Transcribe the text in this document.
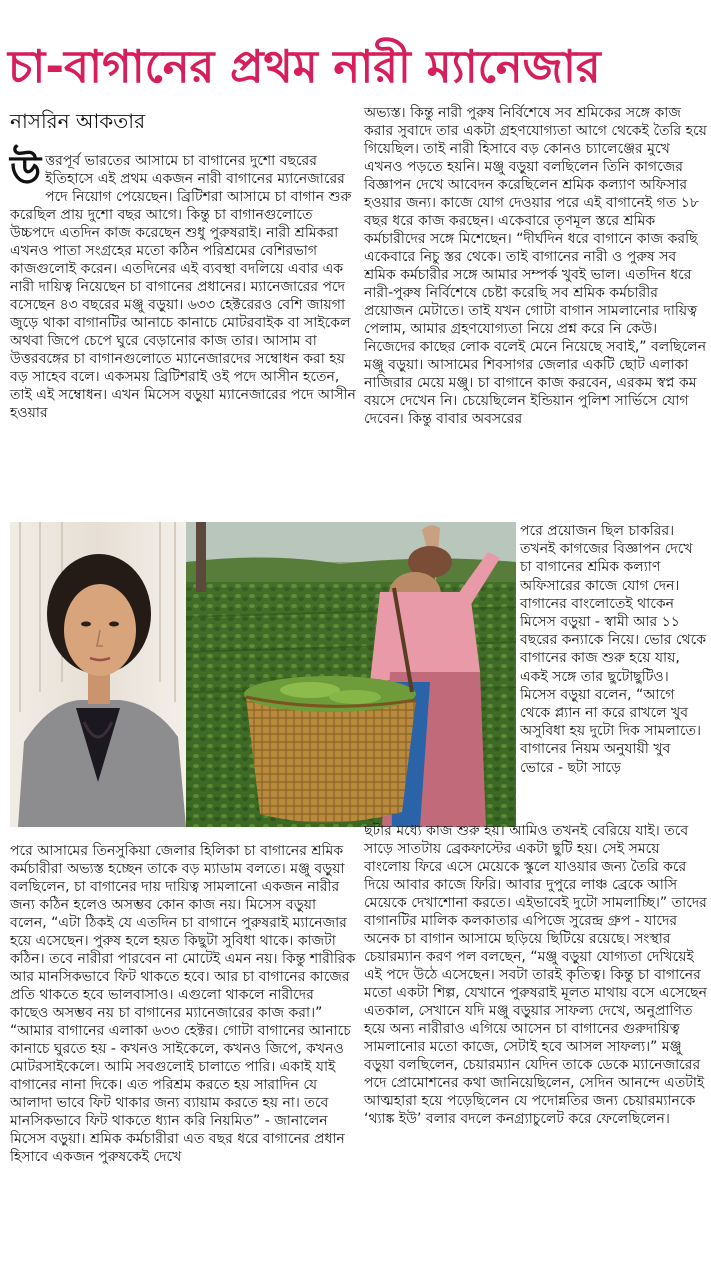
চা-বাগানের প্রথম নারী ম্যানেজার
নাসরিন আকতার
উ ত্তরপূর্ব ভারতের আসামে চা বাগানের দুশো বছরের ইতিহাসে এই প্রথম একজন নারী বাগানের ম্যানেজারের পদে নিয়োগ পেয়েছেন। ব্রিটিশরা আসামে চা বাগান শুরু করেছিল প্রায় দুশো বছর আগে। কিন্তু চা বাগানগুলোতে উচ্চপদে এতদিন কাজ করেছেন শুধু পুরুষরাই। নারী শ্রমিকরা এখনও পাতা সংগ্রহের মতো কঠিন পরিশ্রমের বেশিরভাগ কাজগুলোই করেন। এতদিনের এই ব্যবস্থা বদলিয়ে এবার এক নারী দায়িত্ব নিয়েছেন চা বাগানের প্রধানের। ম্যানেজারের পদে বসেছেন ৪৩ বছরের মঞ্জু বড়ুয়া। ৬৩৩ হেক্টরেরও বেশি জায়গা জুড়ে থাকা বাগানটির আনাচে কানাচে মোটরবাইক বা সাইকেল অথবা জিপে চেপে ঘুরে বেড়ানোর কাজ তার। আসাম বা উত্তরবঙ্গের চা বাগানগুলোতে ম্যানেজারদের সম্বোধন করা হয় বড় সাহেব বলে। একসময় ব্রিটিশরাই ওই পদে আসীন হতেন, তাই এই সম্বোধন। এখন মিসেস বড়ুয়া ম্যানেজারের পদে আসীন হওয়ার

অভ্যস্ত। কিন্তু নারী পুরুষ নির্বিশেষে সব শ্রমিকের সঙ্গে কাজ করার সুবাদে তার একটা গ্রহণযোগ্যতা আগে থেকেই তৈরি হয়ে গিয়েছিল। তাই নারী হিসাবে বড় কোনও চ্যালেঞ্জের মুখে এখনও পড়তে হয়নি। মঞ্জু বড়ুয়া বলছিলেন তিনি কাগজের বিজ্ঞাপন দেখে আবেদন করেছিলেন শ্রমিক কল্যাণ অফিসার হওয়ার জন্য। কাজে যোগ দেওয়ার পরে এই বাগানেই গত ১৮ বছর ধরে কাজ করছেন। একেবারে তৃণমূল স্তরে শ্রমিক কর্মচারীদের সঙ্গে মিশেছেন। “দীর্ঘদিন ধরে বাগানে কাজ করছি একেবারে নিচু স্তর থেকে। তাই বাগানের নারী ও পুরুষ সব শ্রমিক কর্মচারীর সঙ্গে আমার সম্পর্ক খুবই ভাল। এতদিন ধরে নারী-পুরুষ নির্বিশেষে চেষ্টা করেছি সব শ্রমিক কর্মচারীর প্রয়োজন মেটাতে। তাই যখন গোটা বাগান সামলানোর দায়িত্ব পেলাম, আমার গ্রহণযোগ্যতা নিয়ে প্রশ্ন করে নি কেউ। নিজেদের কাছের লোক বলেই মেনে নিয়েছে সবাই,” বলছিলেন মঞ্জু বড়ুয়া। আসামের শিবসাগর জেলার একটি ছোট এলাকা নাজিরার মেয়ে মঞ্জু। চা বাগানে কাজ করবেন, এরকম স্বপ্ন কম বয়সে দেখেন নি। চেয়েছিলেন ইন্ডিয়ান পুলিশ সার্ভিসে যোগ দেবেন। কিন্তু বাবার অবসরের

পরে প্রয়োজন ছিল চাকরির। তখনই কাগজের বিজ্ঞাপন দেখে চা বাগানের শ্রমিক কল্যাণ অফিসারের কাজে যোগ দেন। বাগানের বাংলোতেই থাকেন মিসেস বড়ুয়া - স্বামী আর ১১ বছরের কন্যাকে নিয়ে। ভোর থেকে বাগানের কাজ শুরু হয়ে যায়, একই সঙ্গে তার ছুটোছুটিও। মিসেস বড়ুয়া বলেন, “আগে থেকে প্ল্যান না করে রাখলে খুব অসুবিধা হয় দুটো দিক সামলাতে। বাগানের নিয়ম অনুযায়ী খুব ভোরে - ছটা সাড়ে

পরে আসামের তিনসুকিয়া জেলার হিলিকা চা বাগানের শ্রমিক কর্মচারীরা অভ্যস্ত হচ্ছেন তাকে বড় ম্যাডাম বলতে। মঞ্জু বড়ুয়া বলছিলেন, চা বাগানের দায় দায়িত্ব সামলানো একজন নারীর জন্য কঠিন হলেও অসম্ভব কোন কাজ নয়। মিসেস বড়ুয়া বলেন, “এটা ঠিকই যে এতদিন চা বাগানে পুরুষরাই ম্যানেজার হয়ে এসেছেন। পুরুষ হলে হয়ত কিছুটা সুবিধা থাকে। কাজটা কঠিন। তবে নারীরা পারবেন না মোটেই এমন নয়। কিন্তু শারীরিক আর মানসিকভাবে ফিট থাকতে হবে। আর চা বাগানের কাজের প্রতি থাকতে হবে ভালবাসাও। এগুলো থাকলে নারীদের কাছেও অসম্ভব নয় চা বাগানের ম্যানেজারের কাজ করা।” “আমার বাগানের এলাকা ৬৩৩ হেক্টর। গোটা বাগানের আনাচে কানাচে ঘুরতে হয় - কখনও সাইকেলে, কখনও জিপে, কখনও মোটরসাইকেলে। আমি সবগুলোই চালাতে পারি। একাই যাই বাগানের নানা দিকে। এত পরিশ্রম করতে হয় সারাদিন যে আলাদা ভাবে ফিট থাকার জন্য ব্যায়াম করতে হয় না। তবে মানসিকভাবে ফিট থাকতে ধ্যান করি নিয়মিত” - জানালেন মিসেস বড়ুয়া। শ্রমিক কর্মচারীরা এত বছর ধরে বাগানের প্রধান হিসাবে একজন পুরুষকেই দেখে

ছটার মধ্যে কাজ শুরু হয়। আমিও তখনই বেরিয়ে যাই। তবে সাড়ে সাতটায় ব্রেকফাস্টের একটা ছুটি হয়। সেই সময়ে বাংলোয় ফিরে এসে মেয়েকে স্কুলে যাওয়ার জন্য তৈরি করে দিয়ে আবার কাজে ফিরি। আবার দুপুরে লাঞ্চ ব্রেকে আসি মেয়েকে দেখাশোনা করতে। এইভাবেই দুটো সামলাচ্ছি।” তাদের বাগানটির মালিক কলকাতার এপিজে সুরেন্দ্র গ্রুপ - যাদের অনেক চা বাগান আসামে ছড়িয়ে ছিটিয়ে রয়েছে। সংস্থার চেয়ারম্যান করণ পল বলছেন, “মঞ্জু বড়ুয়া যোগ্যতা দেখিয়েই এই পদে উঠে এসেছেন। সবটা তারই কৃতিত্ব। কিন্তু চা বাগানের মতো একটা শিল্প, যেখানে পুরুষরাই মূলত মাথায় বসে এসেছেন এতকাল, সেখানে যদি মঞ্জু বড়ুয়ার সাফল্য দেখে, অনুপ্রাণিত হয়ে অন্য নারীরাও এগিয়ে আসেন চা বাগানের গুরুদায়িত্ব সামলানোর মতো কাজে, সেটাই হবে আসল সাফল্য।” মঞ্জু বড়ুয়া বলছিলেন, চেয়ারম্যান যেদিন তাকে ডেকে ম্যানেজারের পদে প্রোমোশনের কথা জানিয়েছিলেন, সেদিন আনন্দে এতটাই আত্মহারা হয়ে পড়েছিলেন যে পদোন্নতির জন্য চেয়ারম্যানকে ‘থ্যাঙ্ক ইউ’ বলার বদলে কনগ্র্যাচুলেট করে ফেলেছিলেন।
